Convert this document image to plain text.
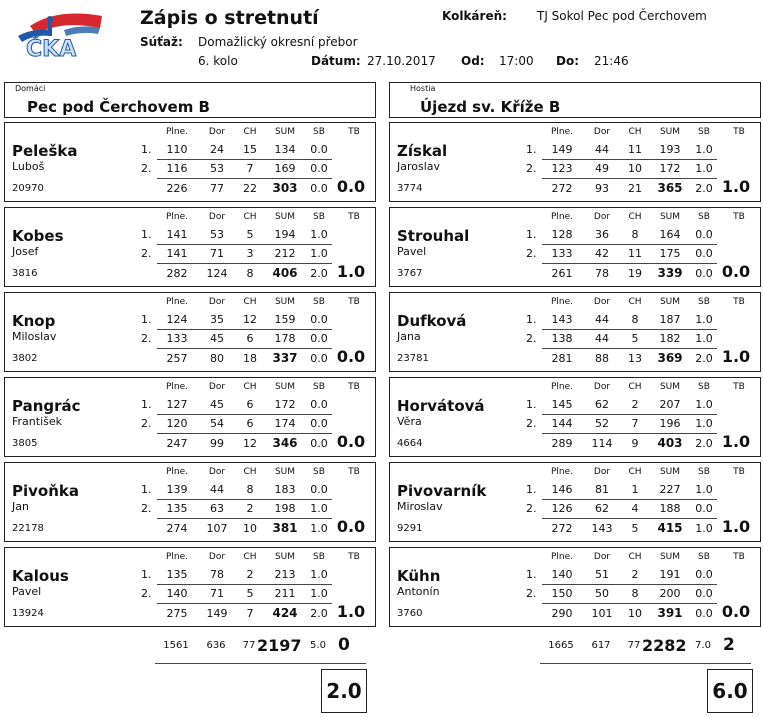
ČKA
Zápis o stretnutí	Kolkáreň:	TJ Sokol Pec pod Čerchovem
Súťaž: Domažlický okresní přebor
6. kolo	Dátum: 27.10.2017 Od: 17:00 Do: 21:46
Domáci
Pec pod Čerchovem B
Hostia
Újezd sv. Kříže B
Peleška
Luboš
20970
Plne.	Dor	CH	SUM	SB	TB
1.	110	24	15	134	0.0
2.	116	53	7	169	0.0
226	77	22	303	0.0 0.0
Kobes
Josef
3816
Plne.	Dor	CH	SUM	SB	TB
1.	141	53	5	194	1.0
2.	141	71	3	212	1.0
282	124	8	406	2.0 1.0
Knop
Miloslav
3802
Plne.	Dor	CH	SUM	SB	TB
1.	124	35	12	159	0.0
2.	133	45	6	178	0.0
257	80	18	337	0.0 0.0
Pangrác
František
3805
Plne.	Dor	CH	SUM	SB	TB
1.	127	45	6	172	0.0
2.	120	54	6	174	0.0
247	99	12	346	0.0 0.0
Pivoňka
Jan
22178
Plne.	Dor	CH	SUM	SB	TB
1.	139	44	8	183	0.0
2.	135	63	2	198	1.0
274	107	10	381	1.0 0.0
Kalous
Pavel
13924
Plne.	Dor	CH	SUM	SB	TB
1.	135	78	2	213	1.0
2.	140	71	5	211	1.0
275	149	7	424	2.0 1.0
Získal
Jaroslav
3774
Plne.	Dor	CH	SUM	SB	TB
1.	149	44	11	193	1.0
2.	123	49	10	172	1.0
272	93	21	365	2.0 1.0
Strouhal
Pavel
3767
Plne.	Dor	CH	SUM	SB	TB
1.	128	36	8	164	0.0
2.	133	42	11	175	0.0
261	78	19	339	0.0 0.0
Dufková
Jana
23781
Plne.	Dor	CH	SUM	SB	TB
1.	143	44	8	187	1.0
2.	138	44	5	182	1.0
281	88	13	369	2.0 1.0
Horvátová
Věra
4664
Plne.	Dor	CH	SUM	SB	TB
1.	145	62	2	207	1.0
2.	144	52	7	196	1.0
289	114	9	403	2.0 1.0
Pivovarník
Miroslav
9291
Plne.	Dor	CH	SUM	SB	TB
1.	146	81	1	227	1.0
2.	126	62	4	188	0.0
272	143	5	415	1.0 1.0
Kühn
Antonín
3760
Plne.	Dor	CH	SUM	SB	TB
1.	140	51	2	191	0.0
2.	150	50	8	200	0.0
290	101	10	391	0.0 0.0
1561	636	77 2197 5.0 0	1665	617	77 2282 7.0 2
2.0	6.0
